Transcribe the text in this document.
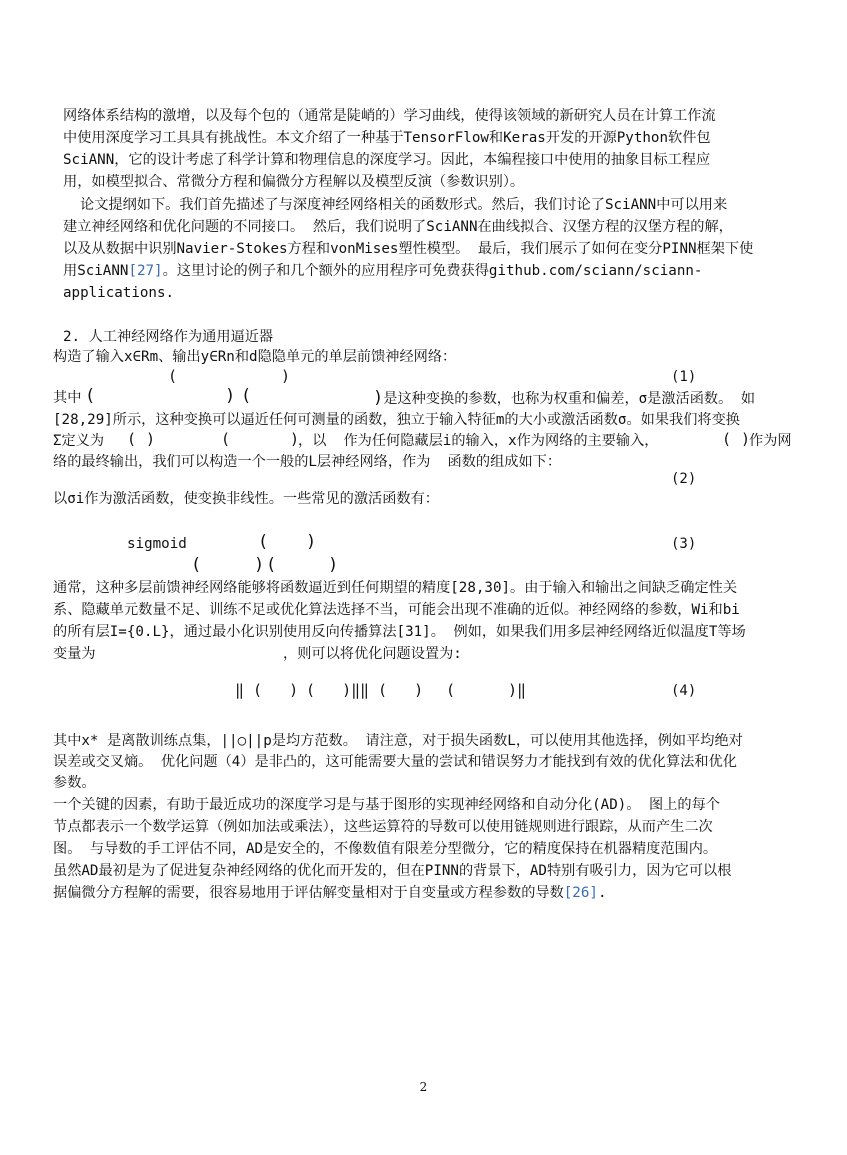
网络体系结构的激增，以及每个包的（通常是陡峭的）学习曲线，使得该领域的新研究人员在计算工作流
中使用深度学习工具具有挑战性。本文介绍了一种基于TensorFlow和Keras开发的开源Python软件包
SciANN，它的设计考虑了科学计算和物理信息的深度学习。因此，本编程接口中使用的抽象目标工程应
用，如模型拟合、常微分方程和偏微分方程解以及模型反演（参数识别）。
论文提纲如下。我们首先描述了与深度神经网络相关的函数形式。然后，我们讨论了SciANN中可以用来
建立神经网络和优化问题的不同接口。 然后，我们说明了SciANN在曲线拟合、汉堡方程的汉堡方程的解，
以及从数据中识别Navier-Stokes方程和vonMises塑性模型。 最后，我们展示了如何在变分PINN框架下使
用SciANN[27]。这里讨论的例子和几个额外的应用程序可免费获得github.com/sciann/sciann-
applications.
2. 人工神经网络作为通用逼近器
构造了输入x∈Rm、输出y∈Rn和d隐隐单元的单层前馈神经网络：
(	)	(1)
其中 (	) (	)是这种变换的参数，也称为权重和偏差，σ是激活函数。 如
[28,29]所示，这种变换可以逼近任何可测量的函数，独立于输入特征m的大小或激活函数σ。如果我们将变换
Σ定义为 ( )	(	)
，以  作为任何隐藏层i的输入，x作为网络的主要输入，	( )
作为网
络的最终输出，我们可以构造一个一般的L层神经网络，作为  函数的组成如下：
(2)
以σi作为激活函数，使变换非线性。一些常见的激活函数有：
sigmoid	( )	(3)
(	) (	)
通常，这种多层前馈神经网络能够将函数逼近到任何期望的精度[28,30]。由于输入和输出之间缺乏确定性关
系、隐藏单元数量不足、训练不足或优化算法选择不当，可能会出现不准确的近似。神经网络的参数，Wi和bi
的所有层I={0.L}，通过最小化识别使用反向传播算法[31]。 例如，如果我们用多层神经网络近似温度T等场
变量为	，则可以将优化问题设置为:
‖ (   ) (   )‖ ‖ (   ) (	)‖	(4)
其中x* 是离散训练点集，||○||p是均方范数。 请注意，对于损失函数L，可以使用其他选择，例如平均绝对
误差或交叉熵。 优化问题（4）是非凸的，这可能需要大量的尝试和错误努力才能找到有效的优化算法和优化
参数。
一个关键的因素，有助于最近成功的深度学习是与基于图形的实现神经网络和自动分化(AD)。 图上的每个
节点都表示一个数学运算（例如加法或乘法），这些运算符的导数可以使用链规则进行跟踪，从而产生二次
图。 与导数的手工评估不同，AD是安全的，不像数值有限差分型微分，它的精度保持在机器精度范围内。
虽然AD最初是为了促进复杂神经网络的优化而开发的，但在PINN的背景下，AD特别有吸引力，因为它可以根
据偏微分方程解的需要，很容易地用于评估解变量相对于自变量或方程参数的导数[26].
2
